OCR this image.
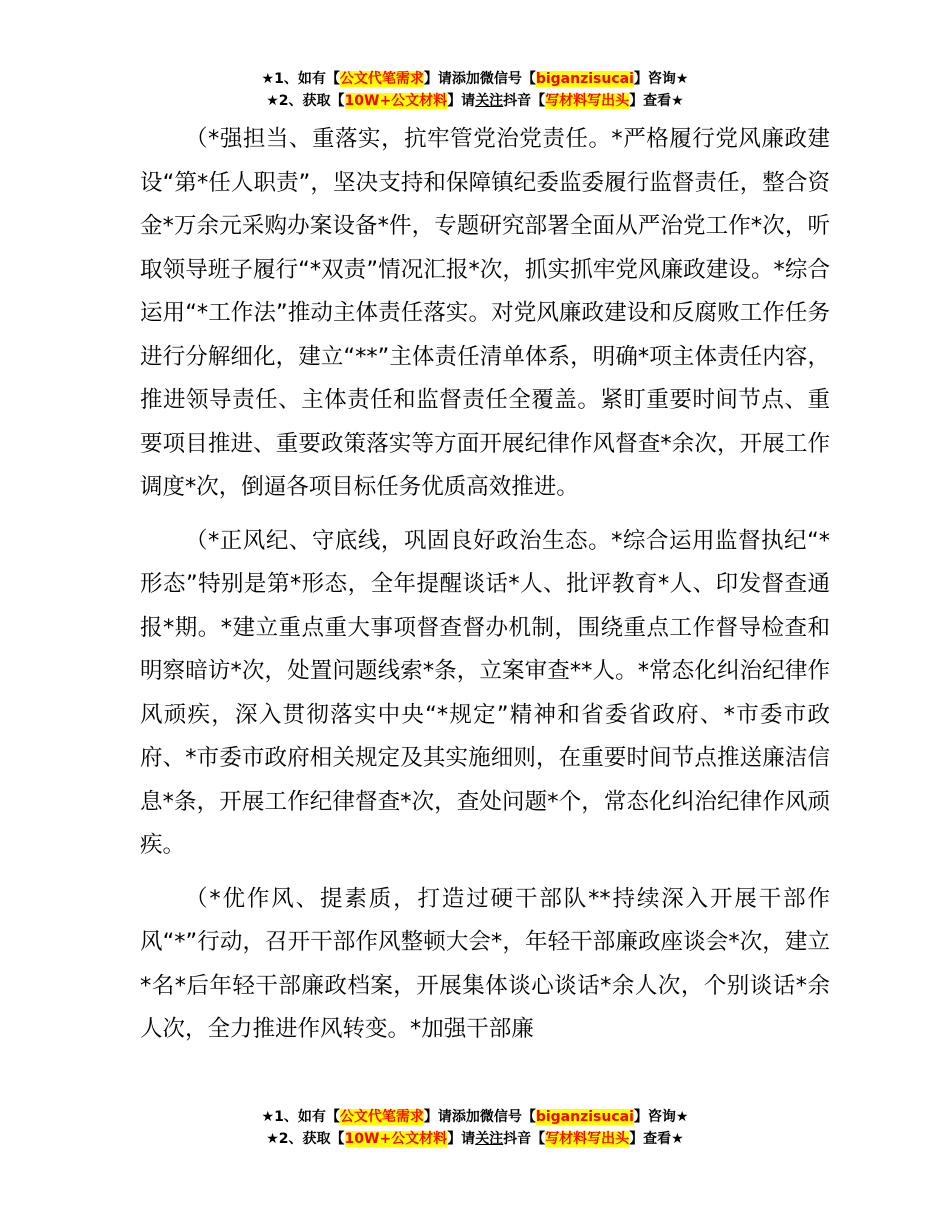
★1、如有【公文代笔需求】请添加微信号【biganzisucai】咨询★
★2、获取【10W+公文材料】请关注抖音【写材料写出头】查看★

（*强担当、重落实，抗牢管党治党责任。*严格履行党风廉政建设“第*任人职责”，坚决支持和保障镇纪委监委履行监督责任，整合资金*万余元采购办案设备*件，专题研究部署全面从严治党工作*次，听取领导班子履行“*双责”情况汇报*次，抓实抓牢党风廉政建设。*综合运用“*工作法”推动主体责任落实。对党风廉政建设和反腐败工作任务进行分解细化，建立“**”主体责任清单体系，明确*项主体责任内容，推进领导责任、主体责任和监督责任全覆盖。紧盯重要时间节点、重要项目推进、重要政策落实等方面开展纪律作风督查*余次，开展工作调度*次，倒逼各项目标任务优质高效推进。

（*正风纪、守底线，巩固良好政治生态。*综合运用监督执纪“*形态”特别是第*形态，全年提醒谈话*人、批评教育*人、印发督查通报*期。*建立重点重大事项督查督办机制，围绕重点工作督导检查和明察暗访*次，处置问题线索*条，立案审查**人。*常态化纠治纪律作风顽疾，深入贯彻落实中央“*规定”精神和省委省政府、*市委市政府、*市委市政府相关规定及其实施细则，在重要时间节点推送廉洁信息*条，开展工作纪律督查*次，查处问题*个，常态化纠治纪律作风顽疾。

（*优作风、提素质，打造过硬干部队**持续深入开展干部作风“*”行动，召开干部作风整顿大会*，年轻干部廉政座谈会*次，建立*名*后年轻干部廉政档案，开展集体谈心谈话*余人次，个别谈话*余人次，全力推进作风转变。*加强干部廉

★1、如有【公文代笔需求】请添加微信号【biganzisucai】咨询★
★2、获取【10W+公文材料】请关注抖音【写材料写出头】查看★
